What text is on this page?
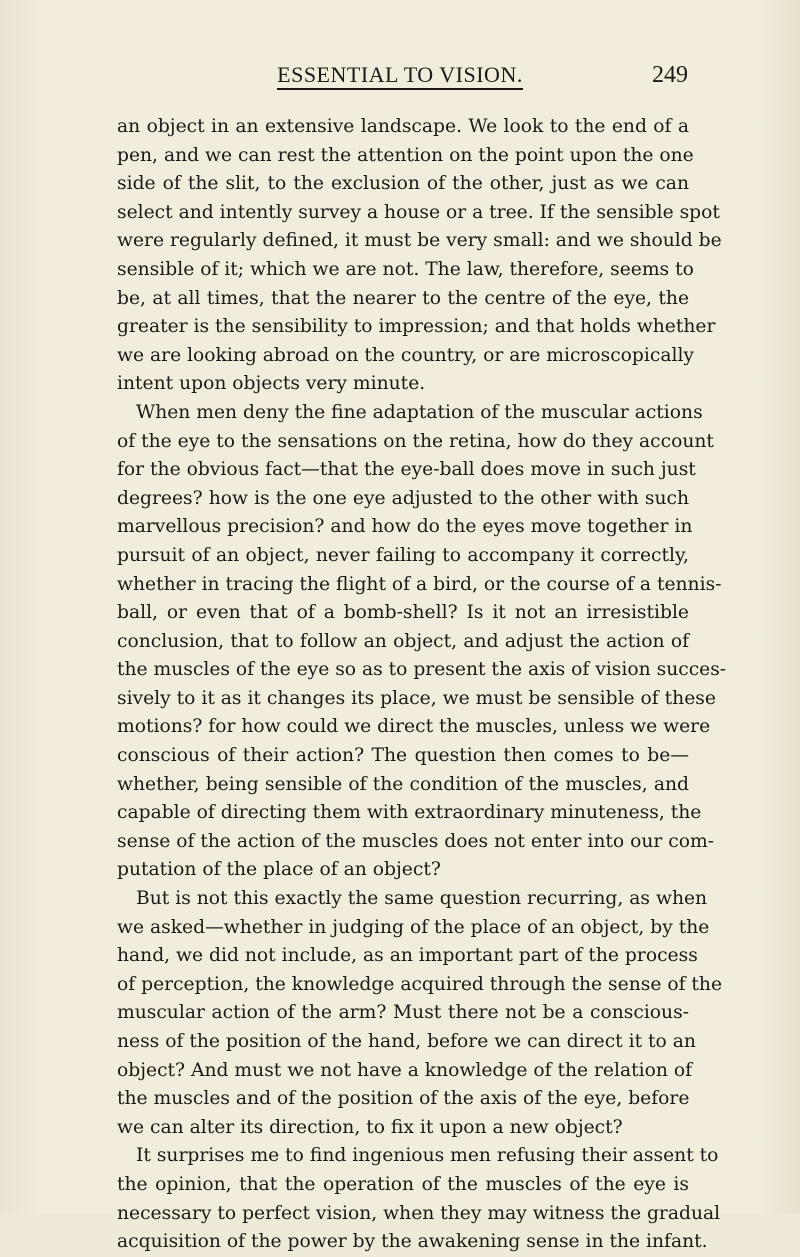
ESSENTIAL TO VISION.	249
an object in an extensive landscape. We look to the end of a
pen, and we can rest the attention on the point upon the one
side of the slit, to the exclusion of the other, just as we can
select and intently survey a house or a tree. If the sensible spot
were regularly defined, it must be very small: and we should be
sensible of it; which we are not. The law, therefore, seems to
be, at all times, that the nearer to the centre of the eye, the
greater is the sensibility to impression; and that holds whether
we are looking abroad on the country, or are microscopically
intent upon objects very minute.
When men deny the fine adaptation of the muscular actions
of the eye to the sensations on the retina, how do they account
for the obvious fact—that the eye-ball does move in such just
degrees? how is the one eye adjusted to the other with such
marvellous precision? and how do the eyes move together in
pursuit of an object, never failing to accompany it correctly,
whether in tracing the flight of a bird, or the course of a tennis-
ball, or even that of a bomb-shell? Is it not an irresistible
conclusion, that to follow an object, and adjust the action of
the muscles of the eye so as to present the axis of vision succes-
sively to it as it changes its place, we must be sensible of these
motions? for how could we direct the muscles, unless we were
conscious of their action? The question then comes to be—
whether, being sensible of the condition of the muscles, and
capable of directing them with extraordinary minuteness, the
sense of the action of the muscles does not enter into our com-
putation of the place of an object?
But is not this exactly the same question recurring, as when
we asked—whether in judging of the place of an object, by the
hand, we did not include, as an important part of the process
of perception, the knowledge acquired through the sense of the
muscular action of the arm? Must there not be a conscious-
ness of the position of the hand, before we can direct it to an
object? And must we not have a knowledge of the relation of
the muscles and of the position of the axis of the eye, before
we can alter its direction, to fix it upon a new object?
It surprises me to find ingenious men refusing their assent to
the opinion, that the operation of the muscles of the eye is
necessary to perfect vision, when they may witness the gradual
acquisition of the power by the awakening sense in the infant.
